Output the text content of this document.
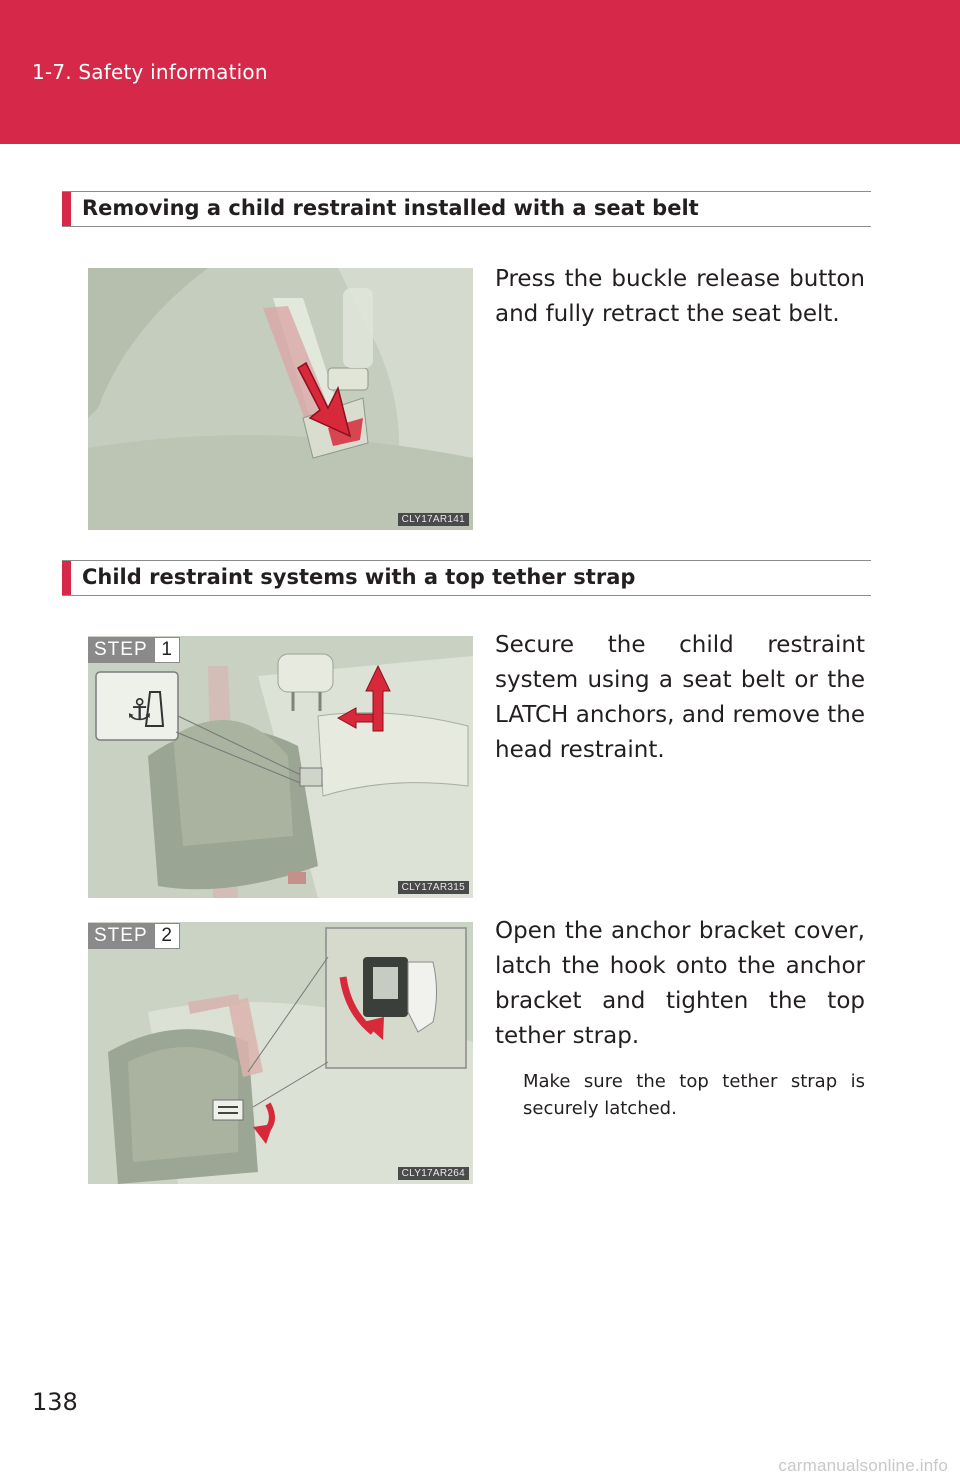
1-7. Safety information
Removing a child restraint installed with a seat belt
CLY17AR141
Press the buckle release button and fully retract the seat belt.
Child restraint systems with a top tether strap
STEP 1
⚓
CLY17AR315
Secure the child restraint system using a seat belt or the LATCH anchors, and remove the head restraint.
STEP 2
CLY17AR264
Open the anchor bracket cover, latch the hook onto the anchor bracket and tighten the top tether strap.
Make sure the top tether strap is securely latched.
138
carmanualsonline.info
